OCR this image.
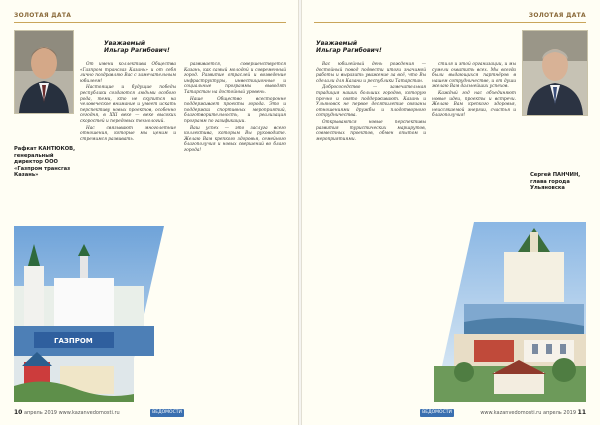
ЗОЛОТАЯ ДАТА
Рафкат КАНТЮКОВ, генеральный директор ООО «Газпром трансгаз Казань»
Уважаемый
Ильгар Рагибович!

От имени коллектива Общества «Газпром трансгаз Казань» и от себя лично поздравляю Вас с замечательным юбилеем!

Настоящие и будущие победы республики создаются людьми особого рода, теми, кто не скупится на человеческое внимание и умеет искать перспективу новых проектов, особенно сегодня, в XXI веке — веке высоких скоростей и передовых технологий.

Нас связывают многолетние отношения, которые мы ценим и стремимся развивать.

развивается, совершенствуется Казань, как самый молодой и современный город. Развитие отраслей и возведение инфраструктуры, инвестиционные и социальные программы выводят Татарстан на достойный уровень.

Наше Общество всесторонне поддерживает проекты города. Это и поддержка спортивных мероприятий, благотворительность, и реализация программ по газификации.

Ваш успех — это заслуга всего коллектива, которым Вы руководите. Желаю Вам крепкого здоровья, семейного благополучия и новых свершений во благо города!

ГАЗПРОМ
10 апрель 2019 www.kazanvedomosti.ru	ВЕДОМОСТИ
ЗОЛОТАЯ ДАТА
Уважаемый
Ильгар Рагибович!

Вас юбилейный день рождения — достойный повод подвести итоги значимой работы и выразить уважение за всё, что Вы сделали для Казани и республики Татарстан.

Добрососедство — замечательная традиция наших больших городов, которую прочно и свято поддерживают. Казань и Ульяновск не первое десятилетие связаны отношениями дружбы и плодотворного сотрудничества.

Открываются новые перспективы развития туристических маршрутов, совместных проектов, обмен опытом и мероприятиями.

стиля и этой организации, и мы сумели охватить всех. Мы всегда были выдающихся партнёров в нашем сотрудничестве, и от души желаю Вам дальнейших успехов.

Каждый год нас объединяют новые идеи, проекты и встречи. Желаю Вам крепкого здоровья, неиссякаемой энергии, счастья и благополучия!

Сергей ПАНЧИН, глава города Ульяновска
ВЕДОМОСТИ	www.kazanvedomosti.ru апрель 2019 11
